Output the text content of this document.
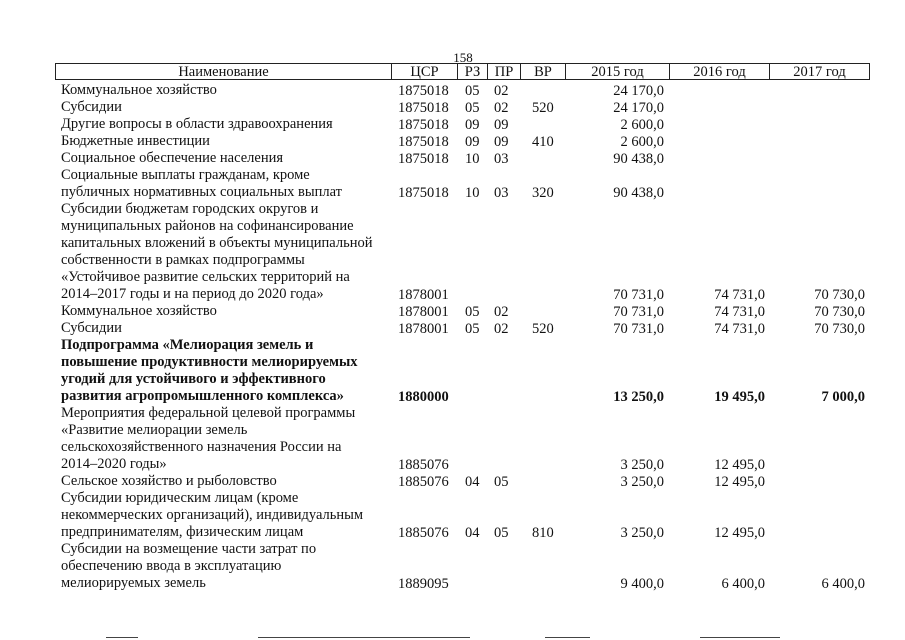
158
Наименование	ЦСР	РЗ ПР	ВР	2015 год	2016 год	2017 год
Коммунальное хозяйство	1875018 05 02	24 170,0
Субсидии	1875018 05 02 520	24 170,0
Другие вопросы в области здравоохранения	1875018 09 09	2 600,0
Бюджетные инвестиции	1875018 09 09 410	2 600,0
Социальное обеспечение населения	1875018 10 03	90 438,0
Социальные выплаты гражданам, кроме публичных нормативных социальных выплат	1875018 10 03 320	90 438,0
Субсидии бюджетам городских округов и муниципальных районов на софинансирование капитальных вложений в объекты муниципальной собственности в рамках подпрограммы «Устойчивое развитие сельских территорий на 2014–2017 годы и на период до 2020 года»	1878001	70 731,0	74 731,0	70 730,0
Коммунальное хозяйство	1878001 05 02	70 731,0	74 731,0	70 730,0
Субсидии	1878001 05 02 520	70 731,0	74 731,0	70 730,0
Подпрограмма «Мелиорация земель и повышение продуктивности мелиорируемых угодий для устойчивого и эффективного развития агропромышленного комплекса»	1880000	13 250,0	19 495,0	7 000,0
Мероприятия федеральной целевой программы «Развитие мелиорации земель сельскохозяйственного назначения России на 2014–2020 годы»	1885076	3 250,0	12 495,0
Сельское хозяйство и рыболовство	1885076 04 05	3 250,0	12 495,0
Субсидии юридическим лицам (кроме некоммерческих организаций), индивидуальным предпринимателям, физическим лицам	1885076 04 05 810	3 250,0	12 495,0
Субсидии на возмещение части затрат по обеспечению ввода в эксплуатацию мелиорируемых земель	1889095	9 400,0	6 400,0	6 400,0
